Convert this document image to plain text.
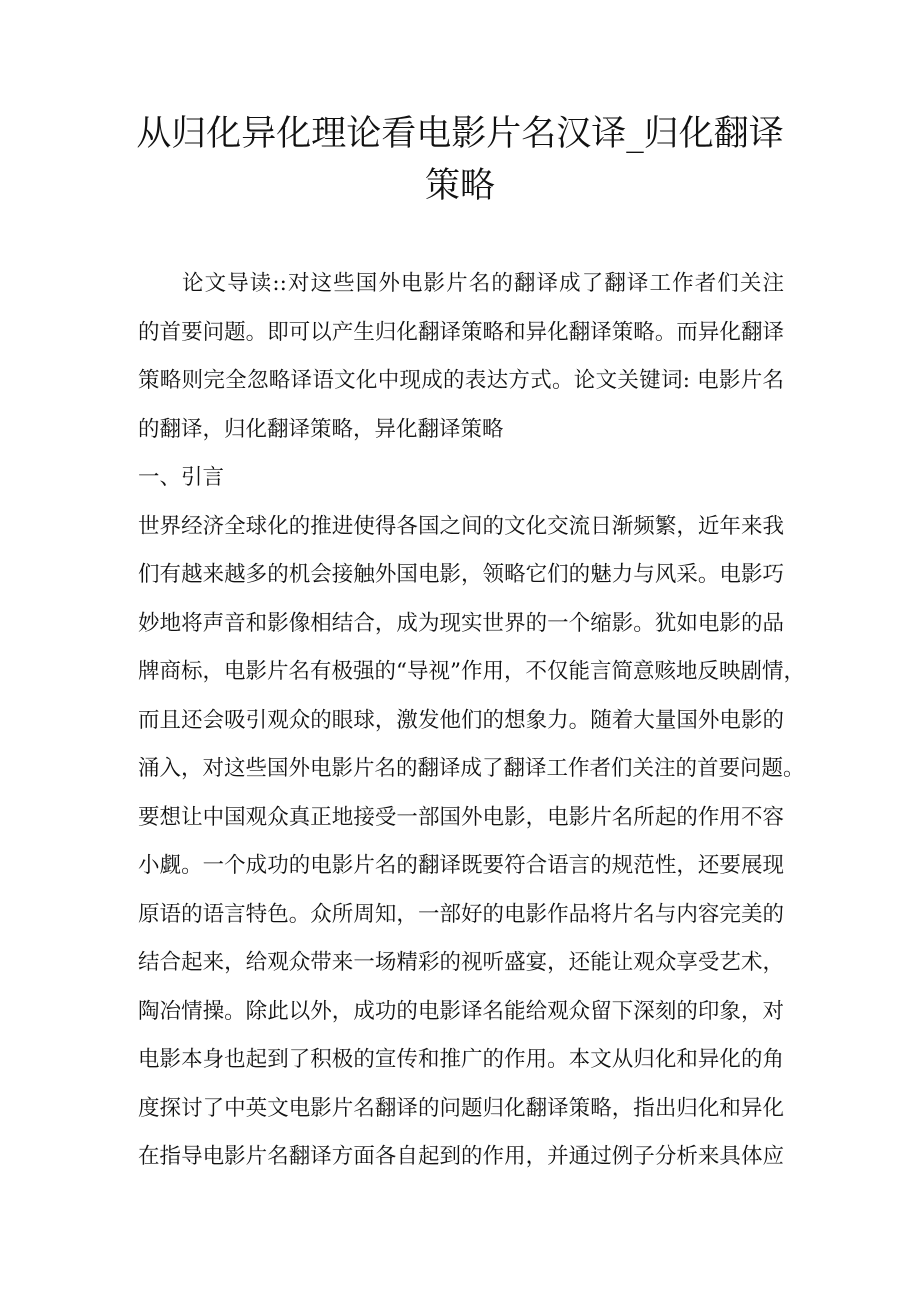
从归化异化理论看电影片名汉译_归化翻译
策略
论文导读::对这些国外电影片名的翻译成了翻译工作者们关注
的首要问题。即可以产生归化翻译策略和异化翻译策略。而异化翻译
策略则完全忽略译语文化中现成的表达方式。论文关键词: 电影片名
的翻译，归化翻译策略，异化翻译策略
一、引言
世界经济全球化的推进使得各国之间的文化交流日渐频繁，近年来我
们有越来越多的机会接触外国电影，领略它们的魅力与风采。电影巧
妙地将声音和影像相结合，成为现实世界的一个缩影。犹如电影的品
牌商标，电影片名有极强的“导视”作用，不仅能言简意赅地反映剧情，
而且还会吸引观众的眼球，激发他们的想象力。随着大量国外电影的
涌入，对这些国外电影片名的翻译成了翻译工作者们关注的首要问题。
要想让中国观众真正地接受一部国外电影，电影片名所起的作用不容
小觑。一个成功的电影片名的翻译既要符合语言的规范性，还要展现
原语的语言特色。众所周知，一部好的电影作品将片名与内容完美的
结合起来，给观众带来一场精彩的视听盛宴，还能让观众享受艺术，
陶冶情操。除此以外，成功的电影译名能给观众留下深刻的印象，对
电影本身也起到了积极的宣传和推广的作用。本文从归化和异化的角
度探讨了中英文电影片名翻译的问题归化翻译策略，指出归化和异化
在指导电影片名翻译方面各自起到的作用，并通过例子分析来具体应
